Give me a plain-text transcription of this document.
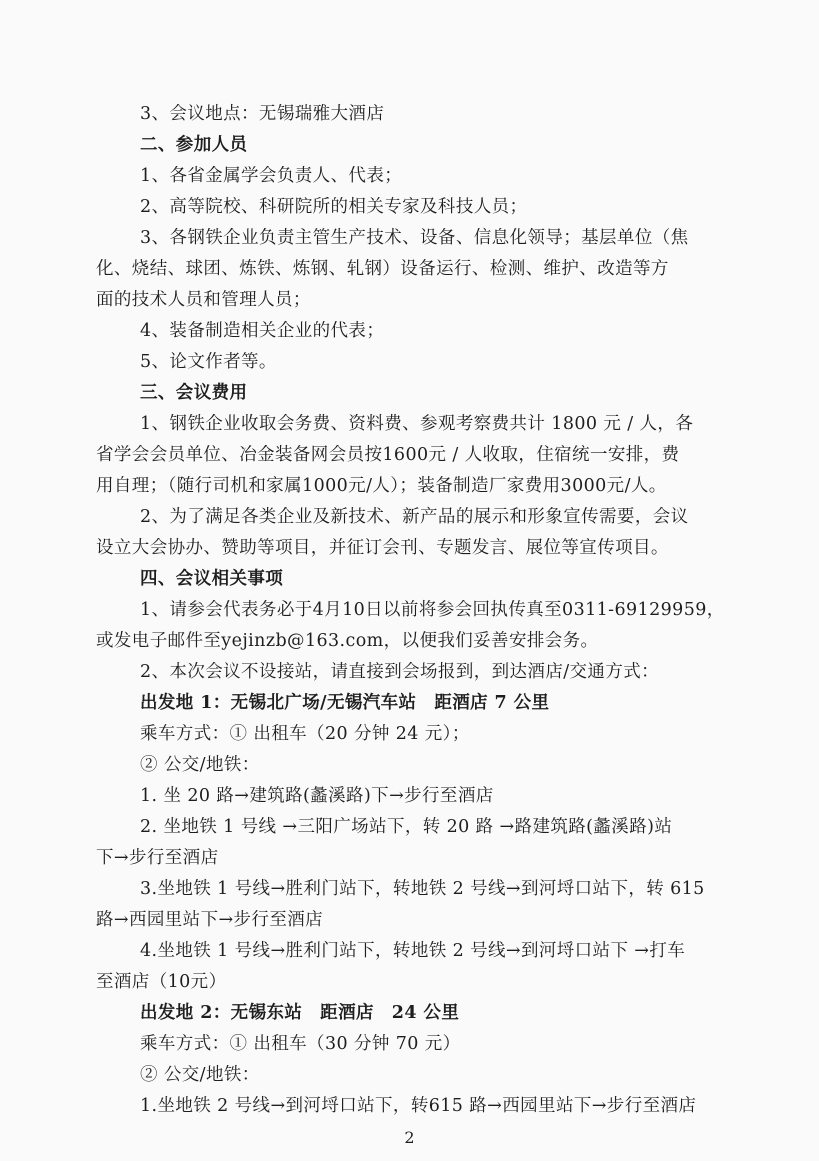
3、会议地点：无锡瑞雅大酒店
二、参加人员
1、各省金属学会负责人、代表；
2、高等院校、科研院所的相关专家及科技人员；
3、各钢铁企业负责主管生产技术、设备、信息化领导；基层单位（焦
化、烧结、球团、炼铁、炼钢、轧钢）设备运行、检测、维护、改造等方
面的技术人员和管理人员；
4、装备制造相关企业的代表；
5、论文作者等。
三、会议费用
1、钢铁企业收取会务费、资料费、参观考察费共计 1800 元 / 人，各
省学会会员单位、冶金装备网会员按1600元 / 人收取，住宿统一安排，费
用自理；（随行司机和家属1000元/人）；装备制造厂家费用3000元/人。
2、为了满足各类企业及新技术、新产品的展示和形象宣传需要，会议
设立大会协办、赞助等项目，并征订会刊、专题发言、展位等宣传项目。
四、会议相关事项
1、请参会代表务必于4月10日以前将参会回执传真至0311-69129959，
或发电子邮件至yejinzb@163.com，以便我们妥善安排会务。
2、本次会议不设接站，请直接到会场报到，到达酒店/交通方式：
出发地 1：无锡北广场/无锡汽车站　距酒店 7 公里
乘车方式：① 出租车（20 分钟 24 元）；
② 公交/地铁：
1. 坐 20 路→建筑路(蠡溪路)下→步行至酒店
2. 坐地铁 1 号线 →三阳广场站下，转 20 路 →路建筑路(蠡溪路)站
下→步行至酒店
3.坐地铁 1 号线→胜利门站下，转地铁 2 号线→到河埒口站下，转 615
路→西园里站下→步行至酒店
4.坐地铁 1 号线→胜利门站下，转地铁 2 号线→到河埒口站下 →打车
至酒店（10元）
出发地 2：无锡东站　距酒店　24 公里
乘车方式：① 出租车（30 分钟 70 元）
② 公交/地铁：
1.坐地铁 2 号线→到河埒口站下，转615 路→西园里站下→步行至酒店
2
